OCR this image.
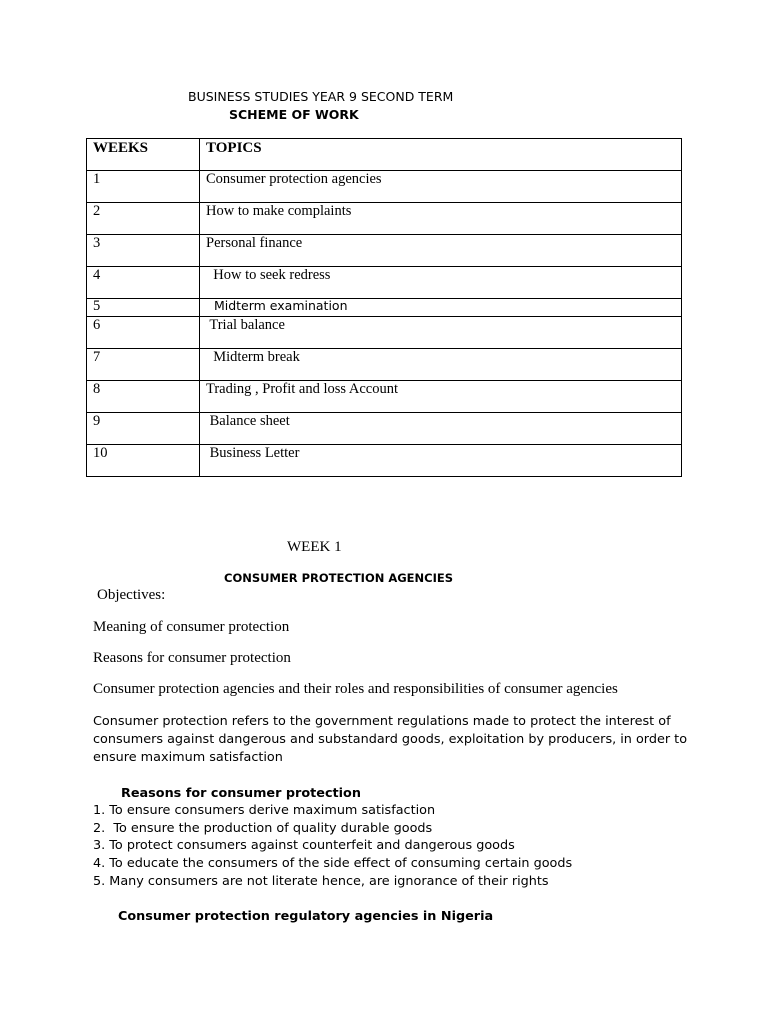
BUSINESS STUDIES YEAR 9 SECOND TERM

SCHEME OF WORK

WEEKS	TOPICS
1	Consumer protection agencies
2	How to make complaints
3	Personal finance
4	How to seek redress
5	Midterm examination
6	Trial balance
7	Midterm break
8	Trading , Profit and loss Account
9	Balance sheet
10	Business Letter

WEEK 1

CONSUMER PROTECTION AGENCIES

Objectives:

Meaning of consumer protection

Reasons for consumer protection

Consumer protection agencies and their roles and responsibilities of consumer agencies

Consumer protection refers to the government regulations made to protect the interest of consumers against dangerous and substandard goods, exploitation by producers, in order to ensure maximum satisfaction

Reasons for consumer protection

1. To ensure consumers derive maximum satisfaction
2.  To ensure the production of quality durable goods
3. To protect consumers against counterfeit and dangerous goods
4. To educate the consumers of the side effect of consuming certain goods
5. Many consumers are not literate hence, are ignorance of their rights

Consumer protection regulatory agencies in Nigeria
